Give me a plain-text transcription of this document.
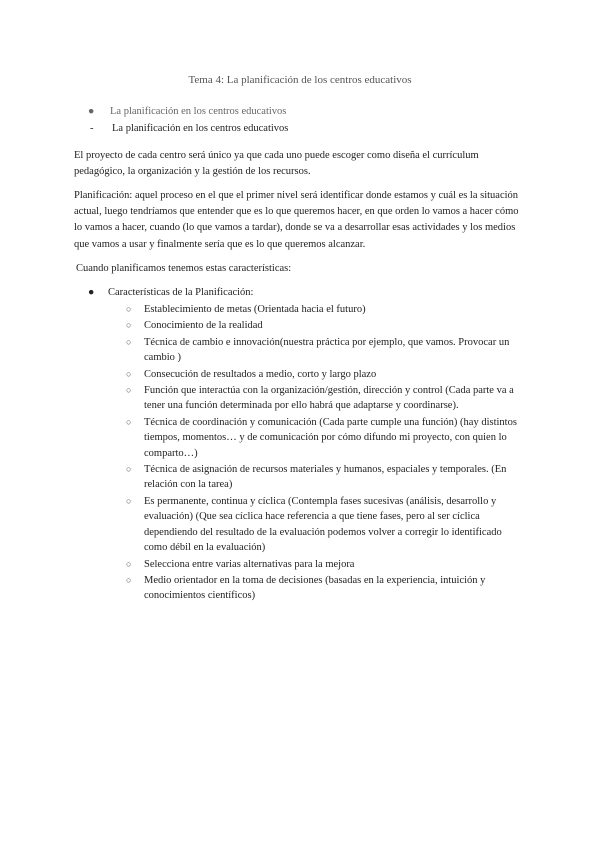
Tema 4: La planificación de los centros educativos
●	La planificación en los centros educativos
-	La planificación en los centros educativos
El proyecto de cada centro será único ya que cada uno puede escoger como diseña el currículum pedagógico, la organización y la gestión de los recursos.
Planificación: aquel proceso en el que el primer nivel será identificar donde estamos y cuál es la situación actual, luego tendríamos que entender que es lo que queremos hacer, en que orden lo vamos a hacer cómo lo vamos a hacer, cuando (lo que vamos a tardar), donde se va a desarrollar esas actividades y los medios que vamos a usar y finalmente sería que es lo que queremos alcanzar.
Cuando planificamos tenemos estas características:
●	Características de la Planificación:
○	Establecimiento de metas (Orientada hacia el futuro)
○	Conocimiento de la realidad
○	Técnica de cambio e innovación(nuestra práctica por ejemplo, que vamos. Provocar un cambio )
○	Consecución de resultados a medio, corto y largo plazo
○	Función que interactúa con la organización/gestión, dirección y control (Cada parte va a tener una función determinada por ello habrá que adaptarse y coordinarse).
○	Técnica de coordinación y comunicación (Cada parte cumple una función) (hay distintos tiempos, momentos… y de comunicación por cómo difundo mi proyecto, con quien lo comparto…)
○	Técnica de asignación de recursos materiales y humanos, espaciales y temporales. (En relación con la tarea)
○	Es permanente, continua y cíclica (Contempla fases sucesivas (análisis, desarrollo y evaluación) (Que sea cíclica hace referencia a que tiene fases, pero al ser cíclica dependiendo del resultado de la evaluación podemos volver a corregir lo identificado como débil en la evaluación)
○	Selecciona entre varias alternativas para la mejora
○	Medio orientador en la toma de decisiones (basadas en la experiencia, intuición y conocimientos científicos)
